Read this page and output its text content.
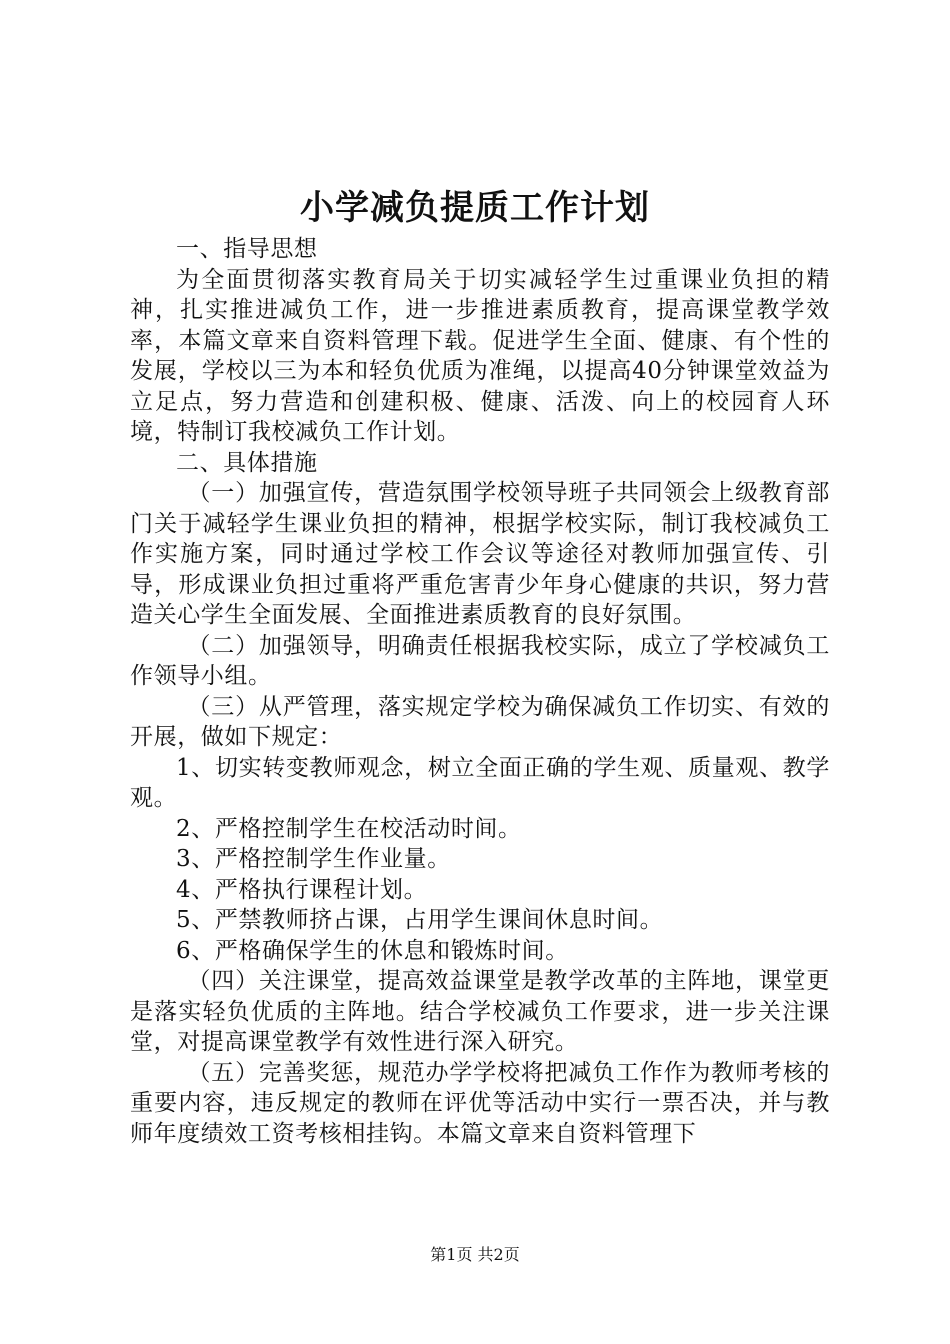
小学减负提质工作计划

一、指导思想

为全面贯彻落实教育局关于切实减轻学生过重课业负担的精神，扎实推进减负工作，进一步推进素质教育，提高课堂教学效率，本篇文章来自资料管理下载。促进学生全面、健康、有个性的发展，学校以三为本和轻负优质为准绳，以提高40分钟课堂效益为立足点，努力营造和创建积极、健康、活泼、向上的校园育人环境，特制订我校减负工作计划。

二、具体措施

（一）加强宣传，营造氛围学校领导班子共同领会上级教育部门关于减轻学生课业负担的精神，根据学校实际，制订我校减负工作实施方案，同时通过学校工作会议等途径对教师加强宣传、引导，形成课业负担过重将严重危害青少年身心健康的共识，努力营造关心学生全面发展、全面推进素质教育的良好氛围。

（二）加强领导，明确责任根据我校实际，成立了学校减负工作领导小组。

（三）从严管理，落实规定学校为确保减负工作切实、有效的开展，做如下规定：

1、切实转变教师观念，树立全面正确的学生观、质量观、教学观。

2、严格控制学生在校活动时间。

3、严格控制学生作业量。

4、严格执行课程计划。

5、严禁教师挤占课，占用学生课间休息时间。

6、严格确保学生的休息和锻炼时间。

（四）关注课堂，提高效益课堂是教学改革的主阵地，课堂更是落实轻负优质的主阵地。结合学校减负工作要求，进一步关注课堂，对提高课堂教学有效性进行深入研究。

（五）完善奖惩，规范办学学校将把减负工作作为教师考核的重要内容，违反规定的教师在评优等活动中实行一票否决，并与教师年度绩效工资考核相挂钩。本篇文章来自资料管理下

第1页 共2页
